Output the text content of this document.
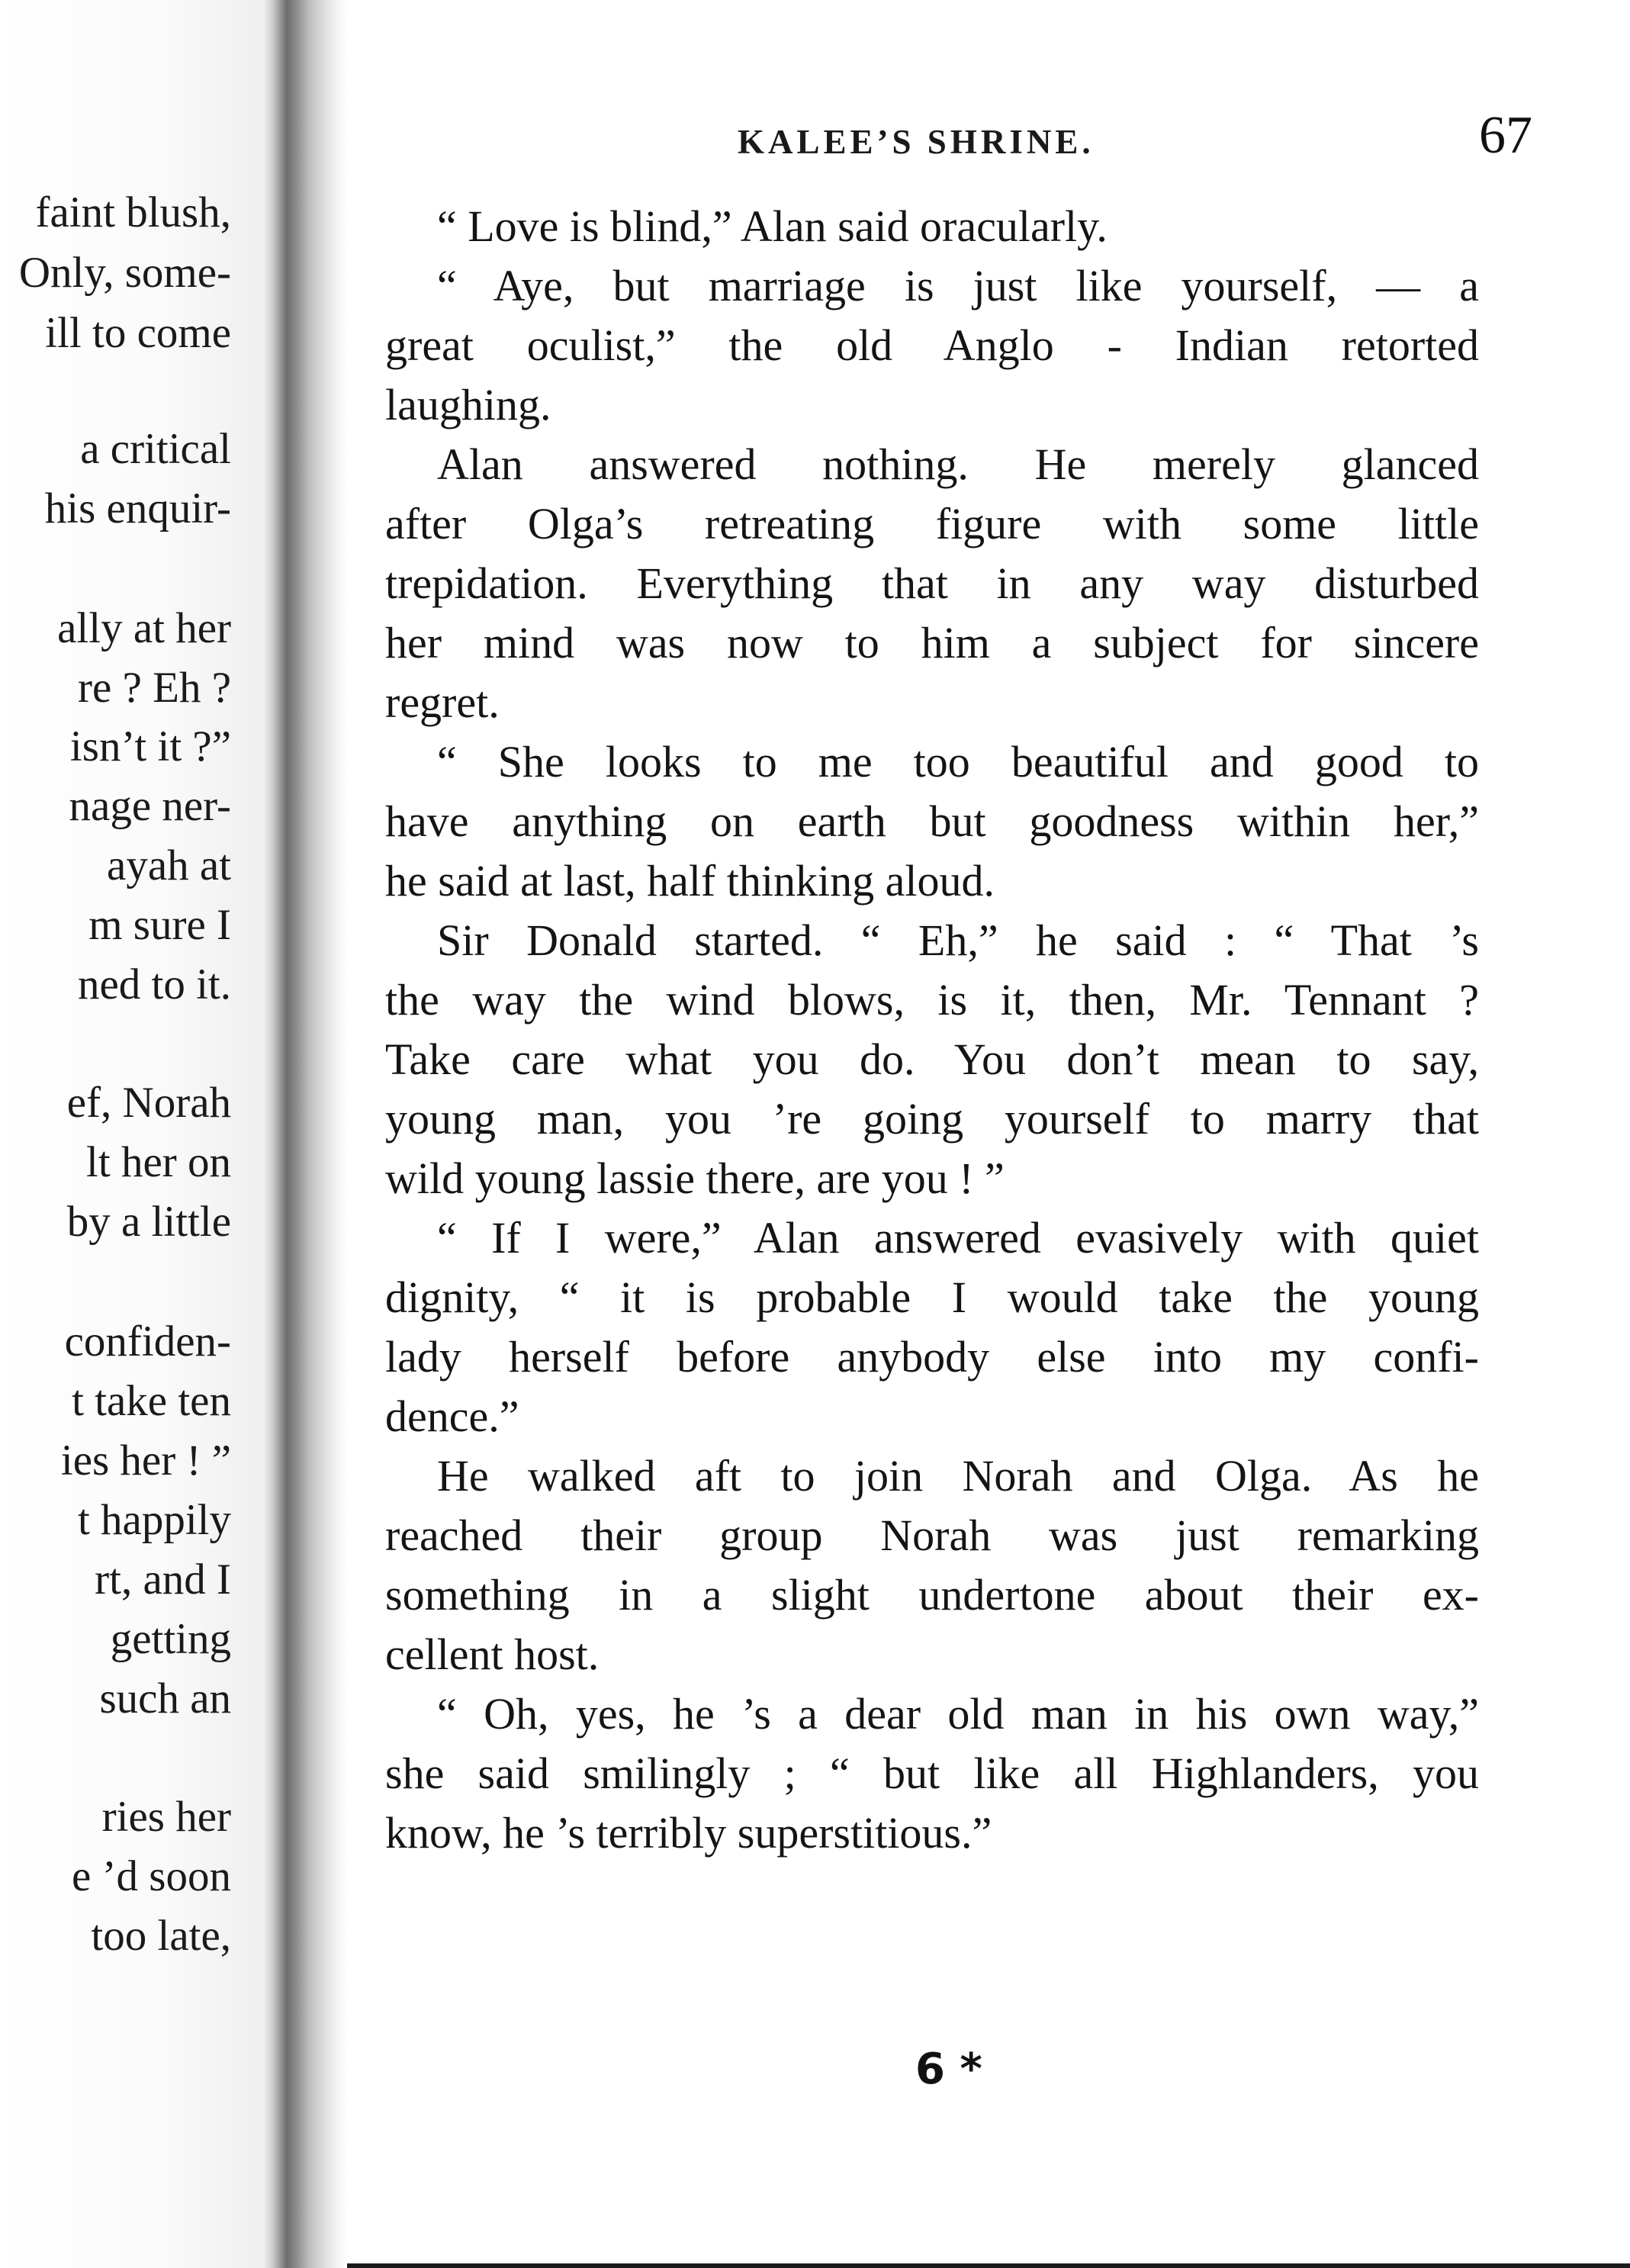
faint blush,
Only, some-
ill to come
a critical
his enquir-
ally at her
re ? Eh ?
isn’t it ?”
nage ner-
ayah at
m sure I
ned to it.
ef, Norah
lt her on
by a little
confiden-
t take ten
ies her ! ”
t happily
rt, and I
getting
such an
ries her
e ’d soon
too late,
KALEE’S SHRINE.	67
“ Love is blind,” Alan said oracularly.
“ Aye, but marriage is just like yourself, — a
great oculist,” the old Anglo - Indian retorted
laughing.
Alan answered nothing. He merely glanced
after Olga’s retreating figure with some little
trepidation. Everything that in any way disturbed
her mind was now to him a subject for sincere
regret.
“ She looks to me too beautiful and good to
have anything on earth but goodness within her,”
he said at last, half thinking aloud.
Sir Donald started. “ Eh,” he said : “ That ’s
the way the wind blows, is it, then, Mr. Tennant ?
Take care what you do. You don’t mean to say,
young man, you ’re going yourself to marry that
wild young lassie there, are you ! ”
“ If I were,” Alan answered evasively with quiet
dignity, “ it is probable I would take the young
lady herself before anybody else into my confi-
dence.”
He walked aft to join Norah and Olga. As he
reached their group Norah was just remarking
something in a slight undertone about their ex-
cellent host.
“ Oh, yes, he ’s a dear old man in his own way,”
she said smilingly ; “ but like all Highlanders, you
know, he ’s terribly superstitious.”
6 *
